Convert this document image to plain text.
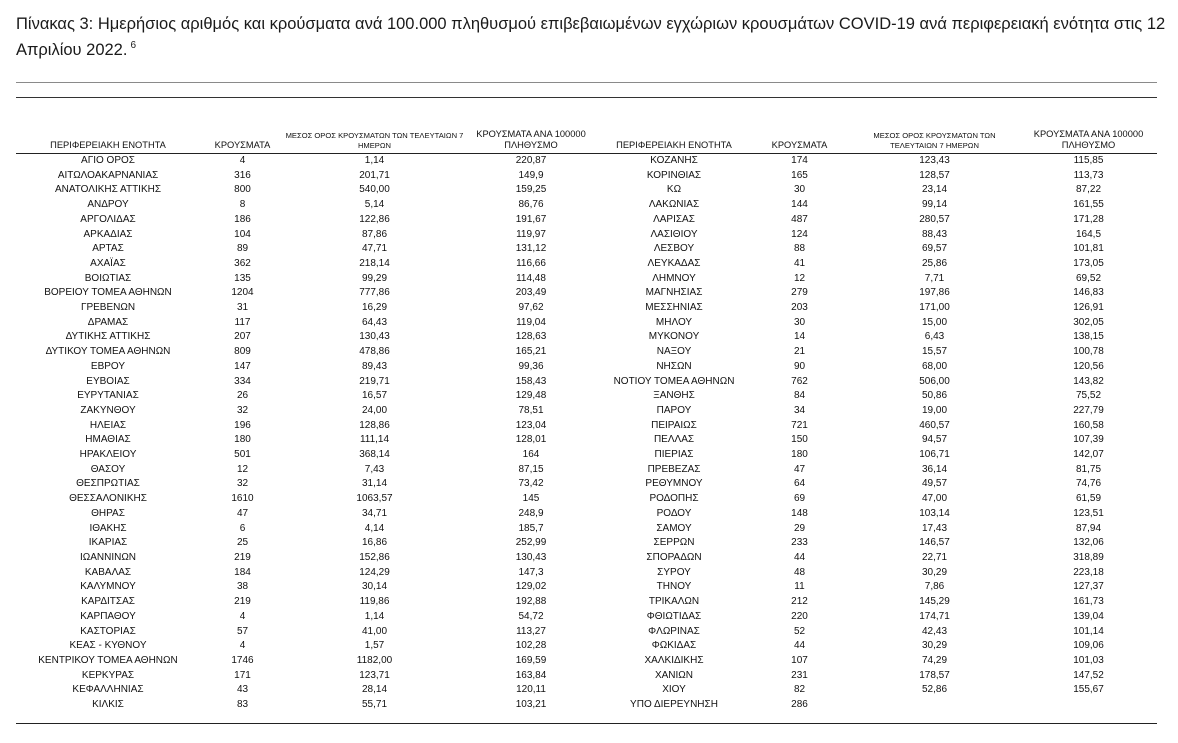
Πίνακας 3: Ημερήσιος αριθμός και κρούσματα ανά 100.000 πληθυσμού επιβεβαιωμένων εγχώριων κρουσμάτων COVID-19 ανά περιφερειακή ενότητα στις 12 Απριλίου 2022. $^6$
ΠΕΡΙΦΕΡΕΙΑΚΗ ΕΝΟΤΗΤΑ	ΚΡΟΥΣΜΑΤΑ	ΜΕΣΟΣ ΟΡΟΣ ΚΡΟΥΣΜΑΤΩΝ ΤΩΝ ΤΕΛΕΥΤΑΙΩΝ 7 ΗΜΕΡΩΝ	ΚΡΟΥΣΜΑΤΑ ΑΝΑ 100000 ΠΛΗΘΥΣΜΟ	ΠΕΡΙΦΕΡΕΙΑΚΗ ΕΝΟΤΗΤΑ	ΚΡΟΥΣΜΑΤΑ	ΜΕΣΟΣ ΟΡΟΣ ΚΡΟΥΣΜΑΤΩΝ ΤΩΝ ΤΕΛΕΥΤΑΙΩΝ 7 ΗΜΕΡΩΝ	ΚΡΟΥΣΜΑΤΑ ΑΝΑ 100000 ΠΛΗΘΥΣΜΟ
ΑΓΙΟ ΟΡΟΣ	4	1,14	220,87	ΚΟΖΑΝΗΣ	174	123,43	115,85
ΑΙΤΩΛΟΑΚΑΡΝΑΝΙΑΣ	316	201,71	149,9	ΚΟΡΙΝΘΙΑΣ	165	128,57	113,73
ΑΝΑΤΟΛΙΚΗΣ ΑΤΤΙΚΗΣ	800	540,00	159,25	ΚΩ	30	23,14	87,22
ΑΝΔΡΟΥ	8	5,14	86,76	ΛΑΚΩΝΙΑΣ	144	99,14	161,55
ΑΡΓΟΛΙΔΑΣ	186	122,86	191,67	ΛΑΡΙΣΑΣ	487	280,57	171,28
ΑΡΚΑΔΙΑΣ	104	87,86	119,97	ΛΑΣΙΘΙΟΥ	124	88,43	164,5
ΑΡΤΑΣ	89	47,71	131,12	ΛΕΣΒΟΥ	88	69,57	101,81
ΑΧΑΪΑΣ	362	218,14	116,66	ΛΕΥΚΑΔΑΣ	41	25,86	173,05
ΒΟΙΩΤΙΑΣ	135	99,29	114,48	ΛΗΜΝΟΥ	12	7,71	69,52
ΒΟΡΕΙΟΥ ΤΟΜΕΑ ΑΘΗΝΩΝ	1204	777,86	203,49	ΜΑΓΝΗΣΙΑΣ	279	197,86	146,83
ΓΡΕΒΕΝΩΝ	31	16,29	97,62	ΜΕΣΣΗΝΙΑΣ	203	171,00	126,91
ΔΡΑΜΑΣ	117	64,43	119,04	ΜΗΛΟΥ	30	15,00	302,05
ΔΥΤΙΚΗΣ ΑΤΤΙΚΗΣ	207	130,43	128,63	ΜΥΚΟΝΟΥ	14	6,43	138,15
ΔΥΤΙΚΟΥ ΤΟΜΕΑ ΑΘΗΝΩΝ	809	478,86	165,21	ΝΑΞΟΥ	21	15,57	100,78
ΕΒΡΟΥ	147	89,43	99,36	ΝΗΣΩΝ	90	68,00	120,56
ΕΥΒΟΙΑΣ	334	219,71	158,43	ΝΟΤΙΟΥ ΤΟΜΕΑ ΑΘΗΝΩΝ	762	506,00	143,82
ΕΥΡΥΤΑΝΙΑΣ	26	16,57	129,48	ΞΑΝΘΗΣ	84	50,86	75,52
ΖΑΚΥΝΘΟΥ	32	24,00	78,51	ΠΑΡΟΥ	34	19,00	227,79
ΗΛΕΙΑΣ	196	128,86	123,04	ΠΕΙΡΑΙΩΣ	721	460,57	160,58
ΗΜΑΘΙΑΣ	180	111,14	128,01	ΠΕΛΛΑΣ	150	94,57	107,39
ΗΡΑΚΛΕΙΟΥ	501	368,14	164	ΠΙΕΡΙΑΣ	180	106,71	142,07
ΘΑΣΟΥ	12	7,43	87,15	ΠΡΕΒΕΖΑΣ	47	36,14	81,75
ΘΕΣΠΡΩΤΙΑΣ	32	31,14	73,42	ΡΕΘΥΜΝΟΥ	64	49,57	74,76
ΘΕΣΣΑΛΟΝΙΚΗΣ	1610	1063,57	145	ΡΟΔΟΠΗΣ	69	47,00	61,59
ΘΗΡΑΣ	47	34,71	248,9	ΡΟΔΟΥ	148	103,14	123,51
ΙΘΑΚΗΣ	6	4,14	185,7	ΣΑΜΟΥ	29	17,43	87,94
ΙΚΑΡΙΑΣ	25	16,86	252,99	ΣΕΡΡΩΝ	233	146,57	132,06
ΙΩΑΝΝΙΝΩΝ	219	152,86	130,43	ΣΠΟΡΑΔΩΝ	44	22,71	318,89
ΚΑΒΑΛΑΣ	184	124,29	147,3	ΣΥΡΟΥ	48	30,29	223,18
ΚΑΛΥΜΝΟΥ	38	30,14	129,02	ΤΗΝΟΥ	11	7,86	127,37
ΚΑΡΔΙΤΣΑΣ	219	119,86	192,88	ΤΡΙΚΑΛΩΝ	212	145,29	161,73
ΚΑΡΠΑΘΟΥ	4	1,14	54,72	ΦΘΙΩΤΙΔΑΣ	220	174,71	139,04
ΚΑΣΤΟΡΙΑΣ	57	41,00	113,27	ΦΛΩΡΙΝΑΣ	52	42,43	101,14
ΚΕΑΣ - ΚΥΘΝΟΥ	4	1,57	102,28	ΦΩΚΙΔΑΣ	44	30,29	109,06
ΚΕΝΤΡΙΚΟΥ ΤΟΜΕΑ ΑΘΗΝΩΝ	1746	1182,00	169,59	ΧΑΛΚΙΔΙΚΗΣ	107	74,29	101,03
ΚΕΡΚΥΡΑΣ	171	123,71	163,84	ΧΑΝΙΩΝ	231	178,57	147,52
ΚΕΦΑΛΛΗΝΙΑΣ	43	28,14	120,11	ΧΙΟΥ	82	52,86	155,67
ΚΙΛΚΙΣ	83	55,71	103,21	ΥΠΟ ΔΙΕΡΕΥΝΗΣΗ	286		
